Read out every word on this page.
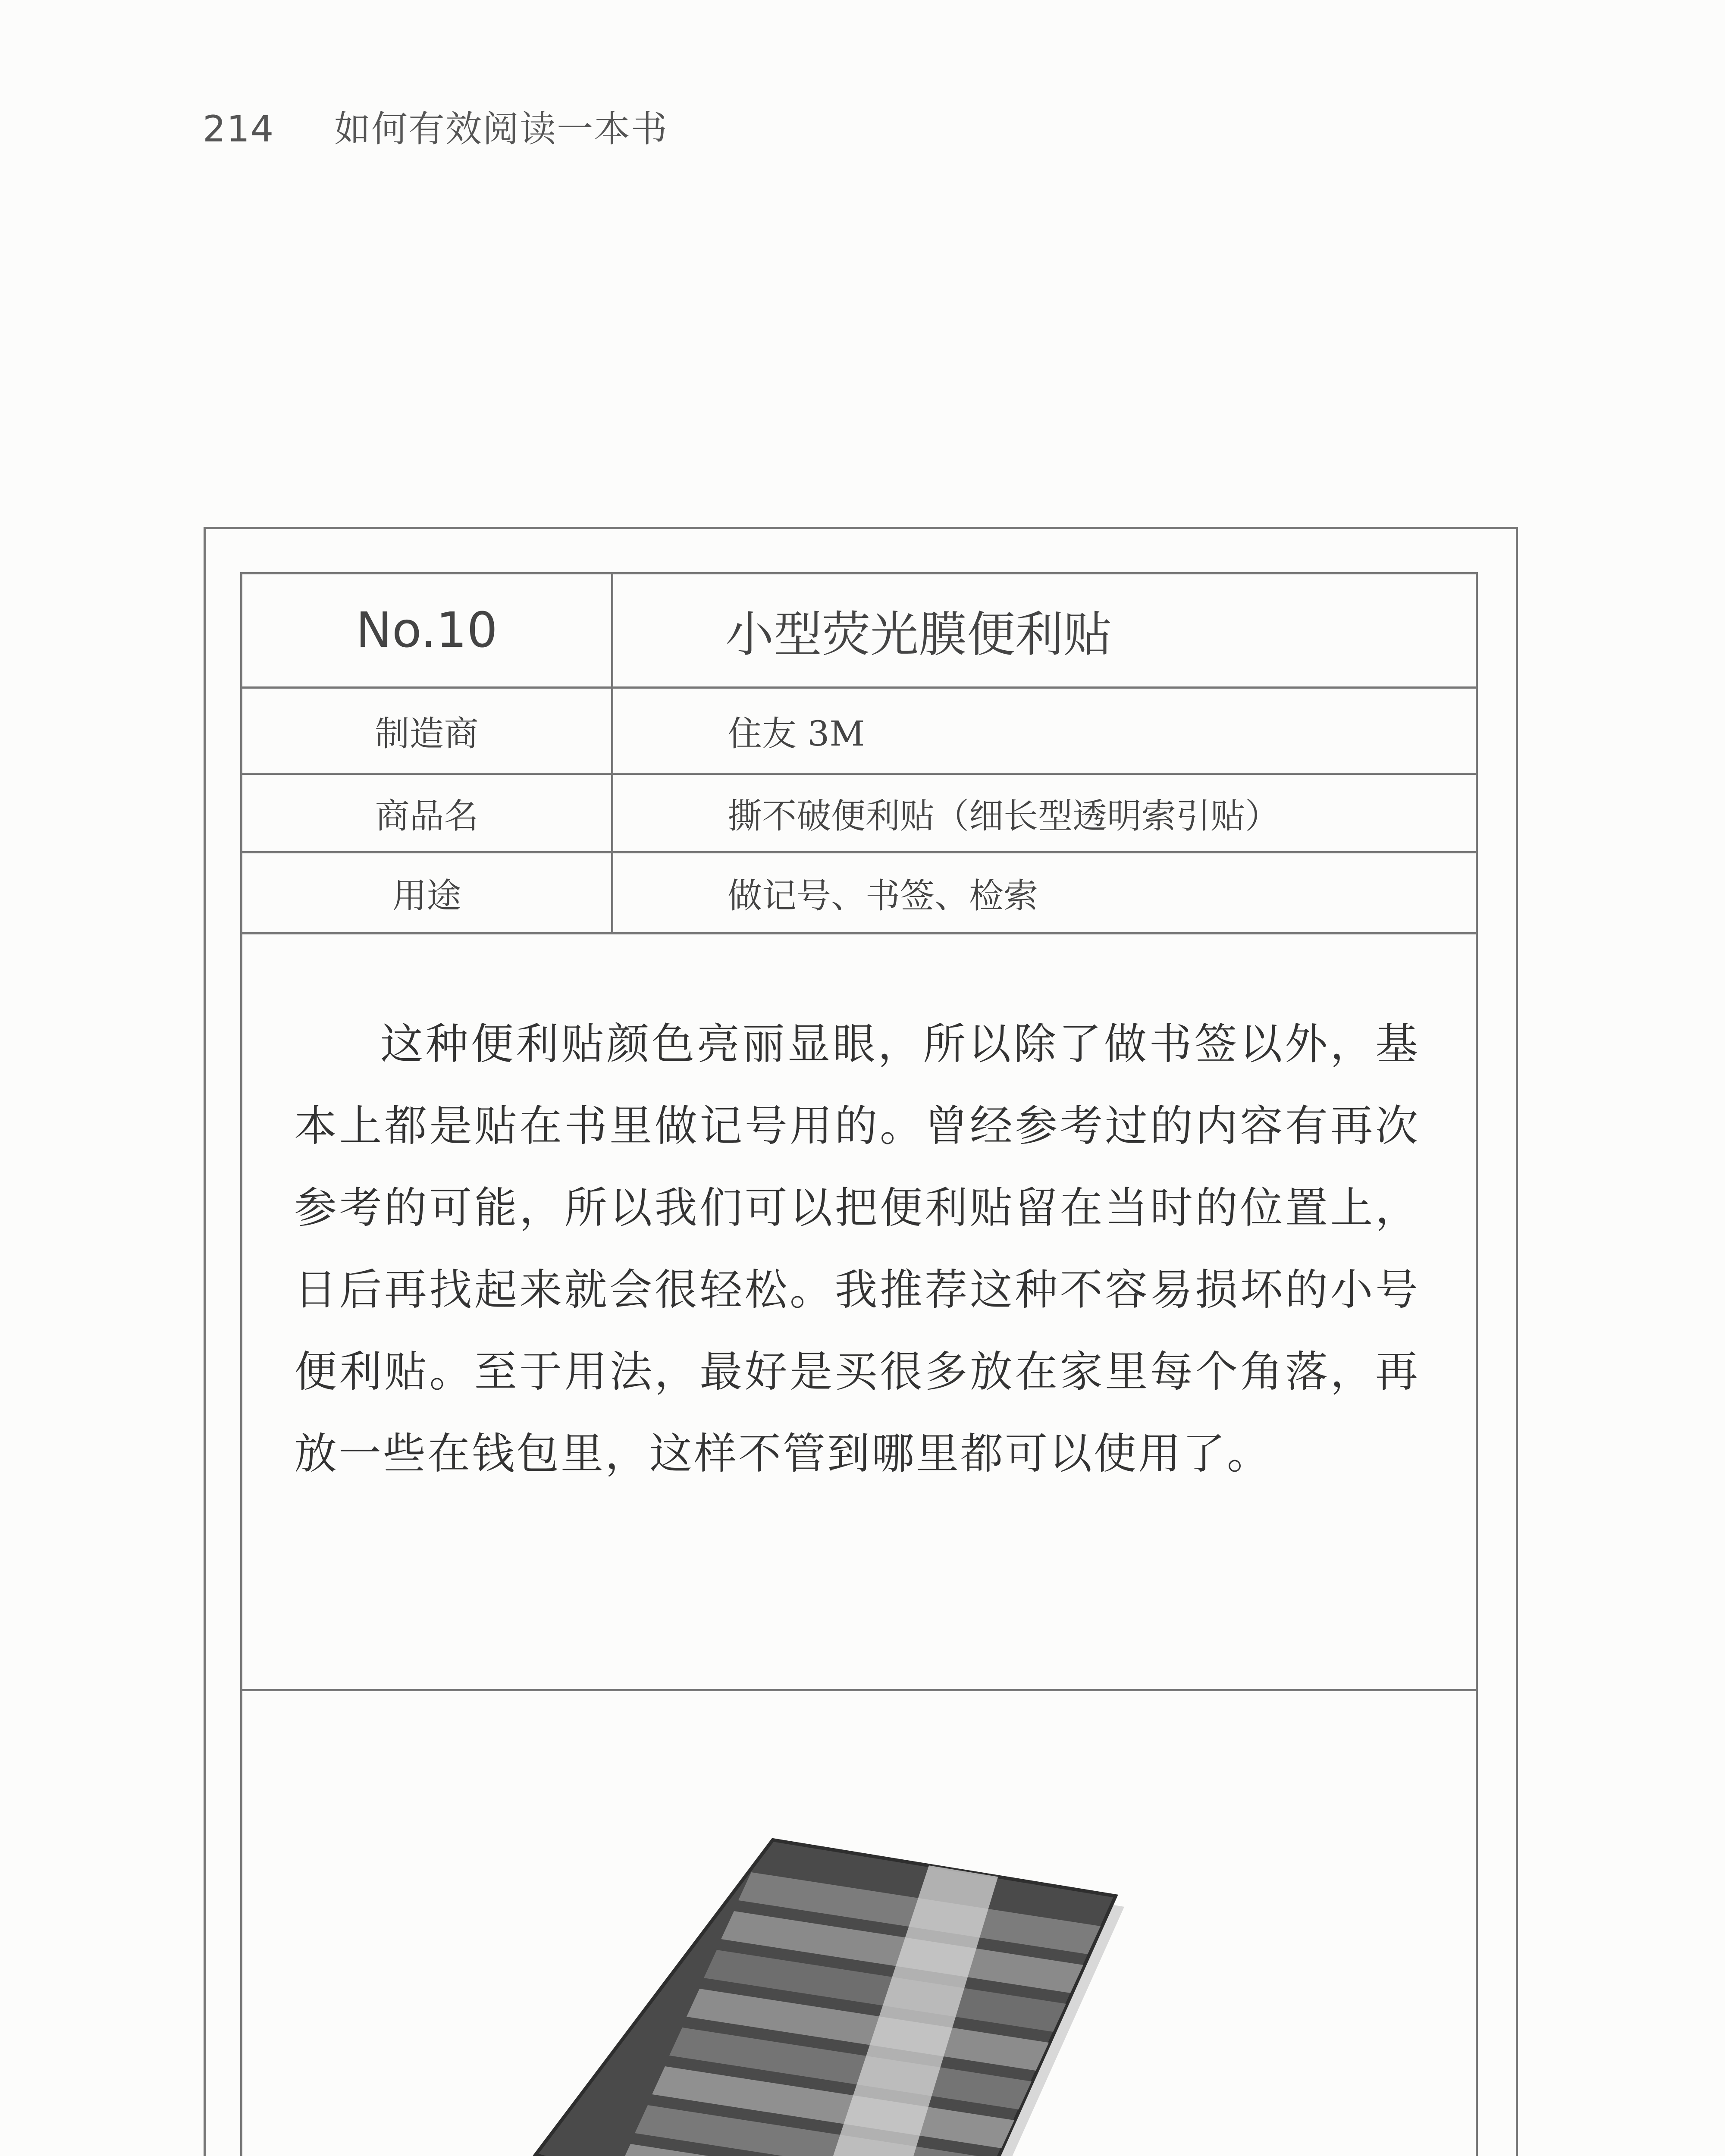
214 如何有效阅读一本书
No.10	小型荧光膜便利贴
制造商	住友 3M
商品名	撕不破便利贴（细长型透明索引贴）
用途	做记号、书签、检索

这种便利贴颜色亮丽显眼，所以除了做书签以外，基本上都是贴在书里做记号用的。曾经参考过的内容有再次参考的可能，所以我们可以把便利贴留在当时的位置上，日后再找起来就会很轻松。我推荐这种不容易损坏的小号便利贴。至于用法，最好是买很多放在家里每个角落，再放一些在钱包里，这样不管到哪里都可以使用了。
